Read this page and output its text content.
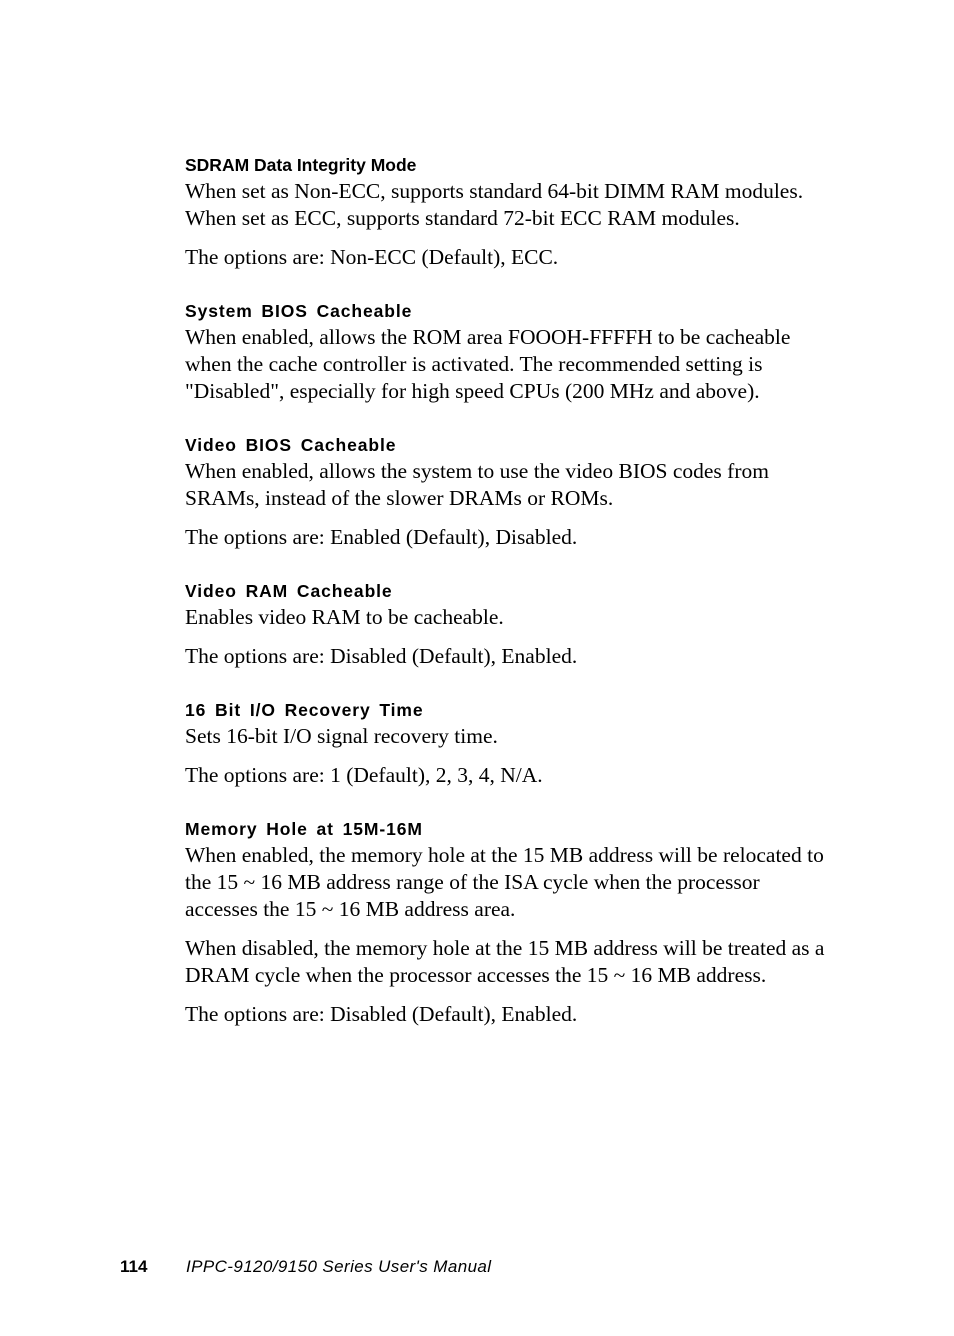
SDRAM Data Integrity Mode

When set as Non-ECC, supports standard 64-bit DIMM RAM modules. When set as ECC, supports standard 72-bit ECC RAM modules.

The options are: Non-ECC (Default), ECC.

System BIOS Cacheable

When enabled, allows the ROM area FOOOH-FFFFH to be cacheable when the cache controller is activated. The recommended setting is "Disabled", especially for high speed CPUs (200 MHz and above).

Video BIOS Cacheable

When enabled, allows the system to use the video BIOS codes from SRAMs, instead of the slower DRAMs or ROMs.

The options are: Enabled (Default), Disabled.

Video RAM Cacheable

Enables video RAM to be cacheable.

The options are: Disabled (Default), Enabled.

16 Bit I/O Recovery Time

Sets 16-bit I/O signal recovery time.

The options are: 1 (Default), 2, 3, 4, N/A.

Memory Hole at 15M-16M

When enabled, the memory hole at the 15 MB address will be relocated to the 15 ~ 16 MB address range of the ISA cycle when the processor accesses the 15 ~ 16 MB address area.

When disabled, the memory hole at the 15 MB address will be treated as a DRAM cycle when the processor accesses the 15 ~ 16 MB address.

The options are: Disabled (Default), Enabled.

114 IPPC-9120/9150 Series User's Manual
